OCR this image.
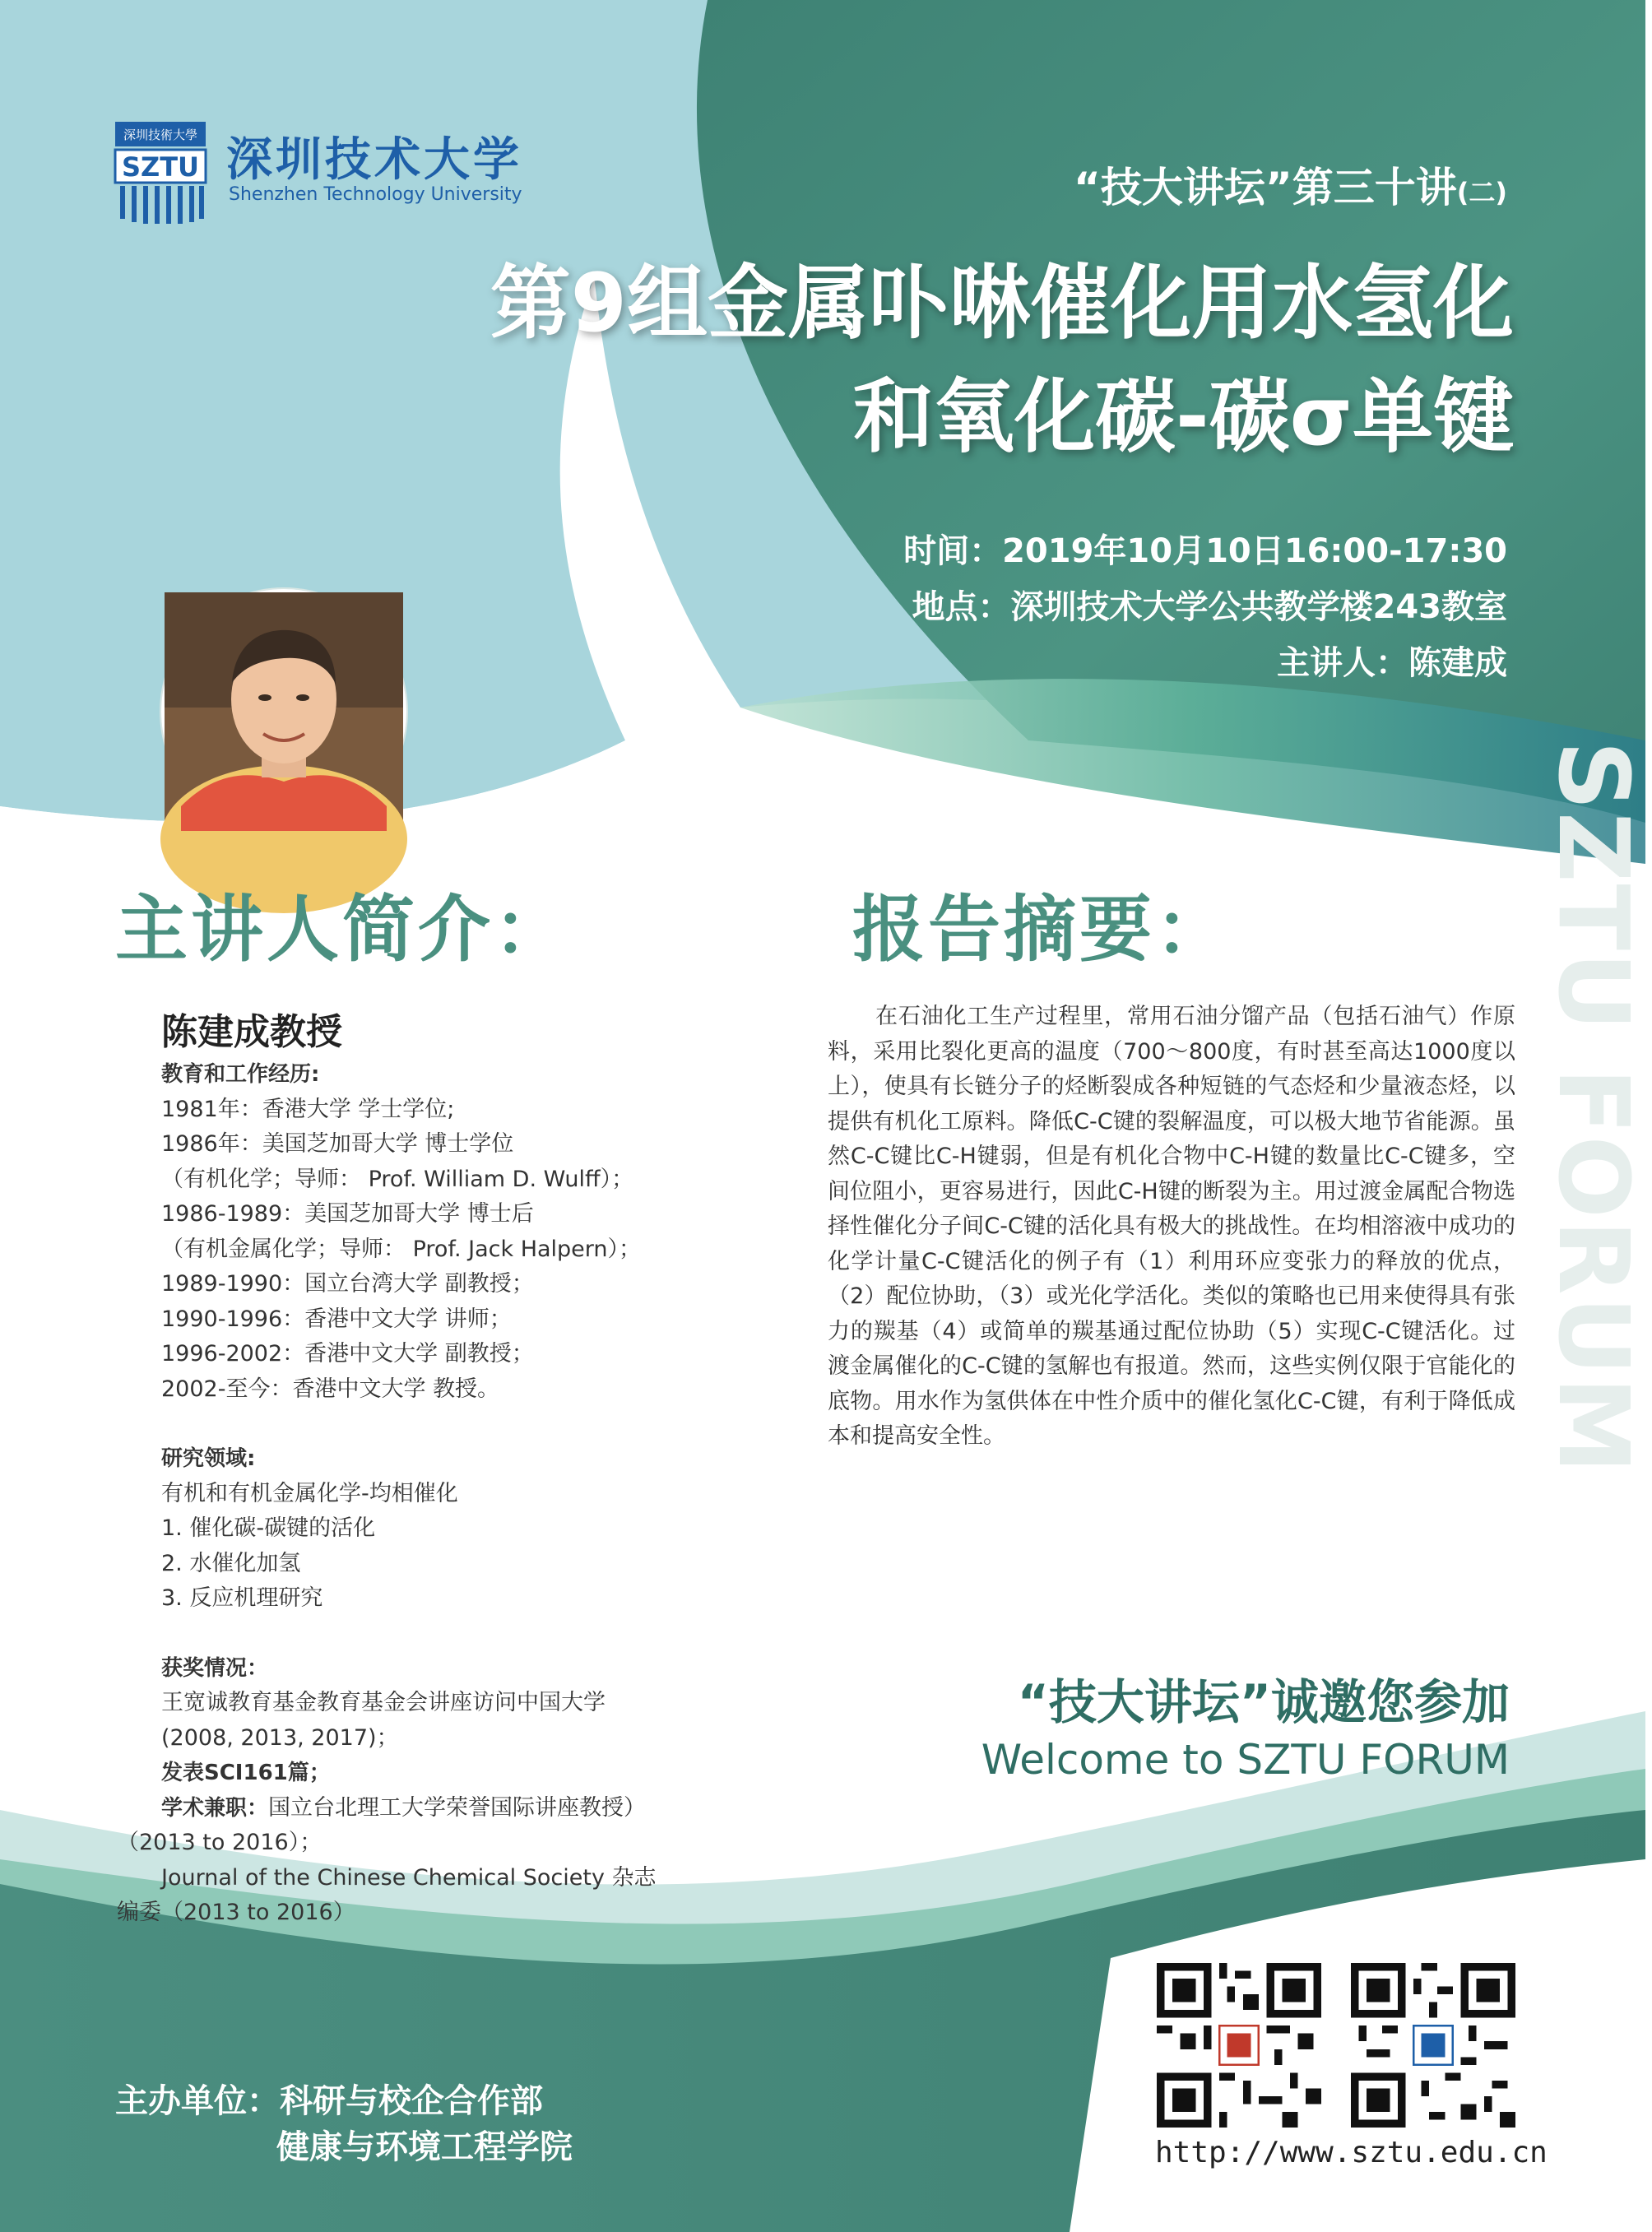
深圳技術大學
SZTU 深圳技术大学
Shenzhen Technology University	“技大讲坛”第三十讲(二)
第9组金属卟啉催化用水氢化
和氧化碳-碳σ单键
时间：2019年10月10日16:00-17:30
地点：深圳技术大学公共教学楼243教室
主讲人：陈建成
SZTU FORUM
主讲人简介：	报告摘要：
陈建成教授
教育和工作经历:
1981年：香港大学 学士学位;
1986年：美国芝加哥大学 博士学位
（有机化学；导师： Prof. William D. Wulff）；
1986-1989：美国芝加哥大学 博士后
（有机金属化学；导师： Prof. Jack Halpern）；
1989-1990：国立台湾大学 副教授；
1990-1996：香港中文大学 讲师；
1996-2002：香港中文大学 副教授；
2002-至今：香港中文大学 教授。
研究领域:
有机和有机金属化学-均相催化
1. 催化碳-碳键的活化
2. 水催化加氢
3. 反应机理研究
获奖情况：
王宽诚教育基金教育基金会讲座访问中国大学
(2008, 2013, 2017)；
发表SCI161篇；
学术兼职：国立台北理工大学荣誉国际讲座教授）
（2013 to 2016）；
Journal of the Chinese Chemical Society 杂志
编委（2013 to 2016）
在石油化工生产过程里，常用石油分馏产品（包括石油气）作原料，采用比裂化更高的温度（700～800度，有时甚至高达1000度以上），使具有长链分子的烃断裂成各种短链的气态烃和少量液态烃，以提供有机化工原料。降低C-C键的裂解温度，可以极大地节省能源。虽然C-C键比C-H键弱，但是有机化合物中C-H键的数量比C-C键多，空间位阻小，更容易进行，因此C-H键的断裂为主。用过渡金属配合物选择性催化分子间C-C键的活化具有极大的挑战性。在均相溶液中成功的化学计量C-C键活化的例子有（1）利用环应变张力的释放的优点，（2）配位协助，（3）或光化学活化。类似的策略也已用来使得具有张力的羰基（4）或简单的羰基通过配位协助（5）实现C-C键活化。过渡金属催化的C-C键的氢解也有报道。然而，这些实例仅限于官能化的底物。用水作为氢供体在中性介质中的催化氢化C-C键，有利于降低成本和提高安全性。
“技大讲坛”诚邀您参加
Welcome to SZTU FORUM
主办单位：科研与校企合作部
健康与环境工程学院	http://www.sztu.edu.cn
